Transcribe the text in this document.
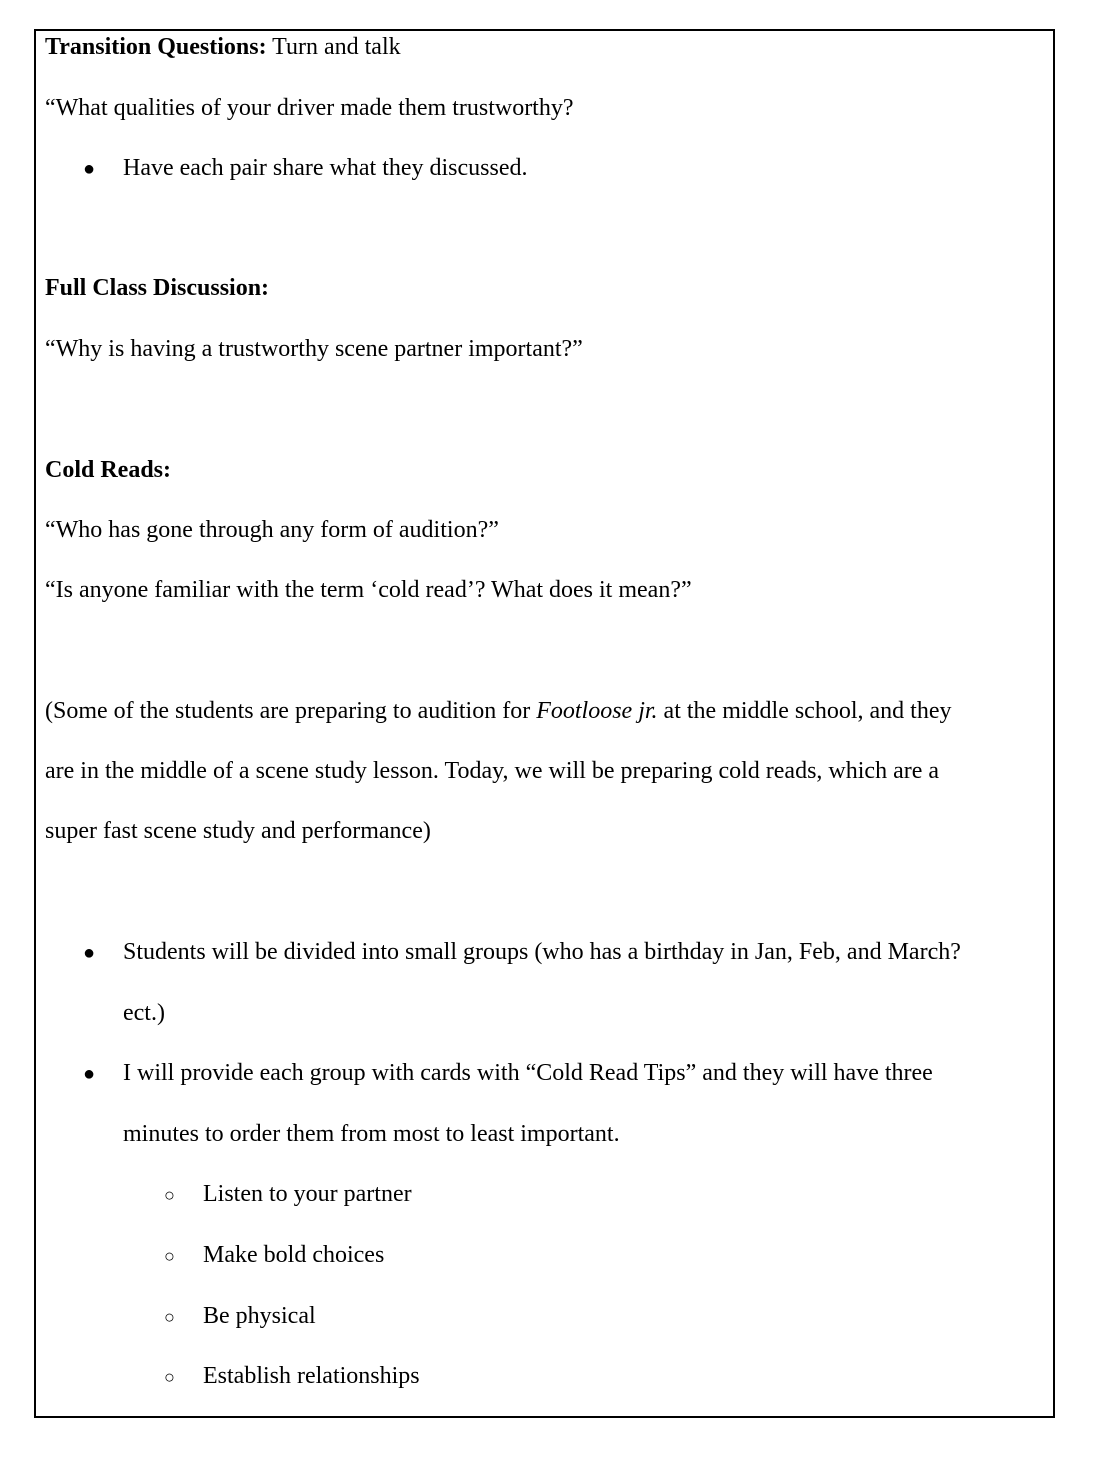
Transition Questions: Turn and talk
“What qualities of your driver made them trustworthy?
● Have each pair share what they discussed.
Full Class Discussion:
“Why is having a trustworthy scene partner important?”
Cold Reads:
“Who has gone through any form of audition?”
“Is anyone familiar with the term ‘cold read’? What does it mean?”
(Some of the students are preparing to audition for Footloose jr. at the middle school, and they
are in the middle of a scene study lesson. Today, we will be preparing cold reads, which are a
super fast scene study and performance)
● Students will be divided into small groups (who has a birthday in Jan, Feb, and March?
ect.)
● I will provide each group with cards with “Cold Read Tips” and they will have three
minutes to order them from most to least important.
○ Listen to your partner
○ Make bold choices
○ Be physical
○ Establish relationships
